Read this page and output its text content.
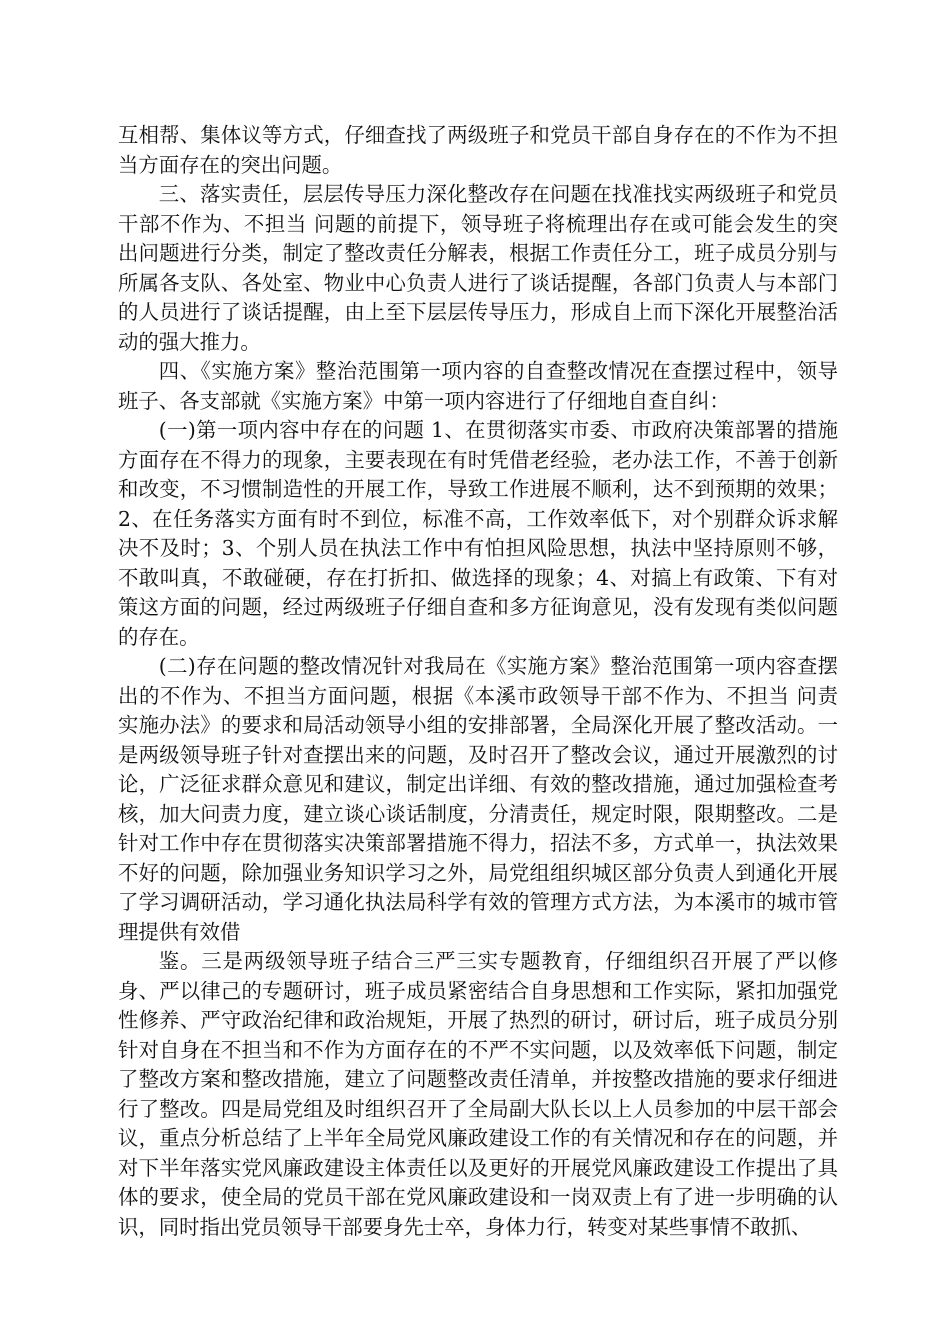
互相帮、集体议等方式，仔细查找了两级班子和党员干部自身存在的不作为不担当方面存在的突出问题。

三、落实责任，层层传导压力深化整改存在问题在找准找实两级班子和党员干部不作为、不担当 问题的前提下，领导班子将梳理出存在或可能会发生的突出问题进行分类，制定了整改责任分解表，根据工作责任分工，班子成员分别与所属各支队、各处室、物业中心负责人进行了谈话提醒，各部门负责人与本部门的人员进行了谈话提醒，由上至下层层传导压力，形成自上而下深化开展整治活动的强大推力。

四、《实施方案》整治范围第一项内容的自查整改情况在查摆过程中，领导班子、各支部就《实施方案》中第一项内容进行了仔细地自查自纠：

(一)第一项内容中存在的问题 1、在贯彻落实市委、市政府决策部署的措施方面存在不得力的现象，主要表现在有时凭借老经验，老办法工作，不善于创新和改变，不习惯制造性的开展工作，导致工作进展不顺利，达不到预期的效果；2、在任务落实方面有时不到位，标准不高，工作效率低下，对个别群众诉求解决不及时；3、个别人员在执法工作中有怕担风险思想，执法中坚持原则不够，不敢叫真，不敢碰硬，存在打折扣、做选择的现象；4、对搞上有政策、下有对策这方面的问题，经过两级班子仔细自查和多方征询意见，没有发现有类似问题的存在。

(二)存在问题的整改情况针对我局在《实施方案》整治范围第一项内容查摆出的不作为、不担当方面问题，根据《本溪市政领导干部不作为、不担当 问责实施办法》的要求和局活动领导小组的安排部署，全局深化开展了整改活动。一是两级领导班子针对查摆出来的问题，及时召开了整改会议，通过开展激烈的讨论，广泛征求群众意见和建议，制定出详细、有效的整改措施，通过加强检查考核，加大问责力度，建立谈心谈话制度，分清责任，规定时限，限期整改。二是针对工作中存在贯彻落实决策部署措施不得力，招法不多，方式单一，执法效果不好的问题，除加强业务知识学习之外，局党组组织城区部分负责人到通化开展了学习调研活动，学习通化执法局科学有效的管理方式方法，为本溪市的城市管理提供有效借

鉴。三是两级领导班子结合三严三实专题教育，仔细组织召开展了严以修身、严以律己的专题研讨，班子成员紧密结合自身思想和工作实际，紧扣加强党性修养、严守政治纪律和政治规矩，开展了热烈的研讨，研讨后，班子成员分别针对自身在不担当和不作为方面存在的不严不实问题，以及效率低下问题，制定了整改方案和整改措施，建立了问题整改责任清单，并按整改措施的要求仔细进行了整改。四是局党组及时组织召开了全局副大队长以上人员参加的中层干部会议，重点分析总结了上半年全局党风廉政建设工作的有关情况和存在的问题，并对下半年落实党风廉政建设主体责任以及更好的开展党风廉政建设工作提出了具体的要求，使全局的党员干部在党风廉政建设和一岗双责上有了进一步明确的认识，同时指出党员领导干部要身先士卒，身体力行，转变对某些事情不敢抓、
